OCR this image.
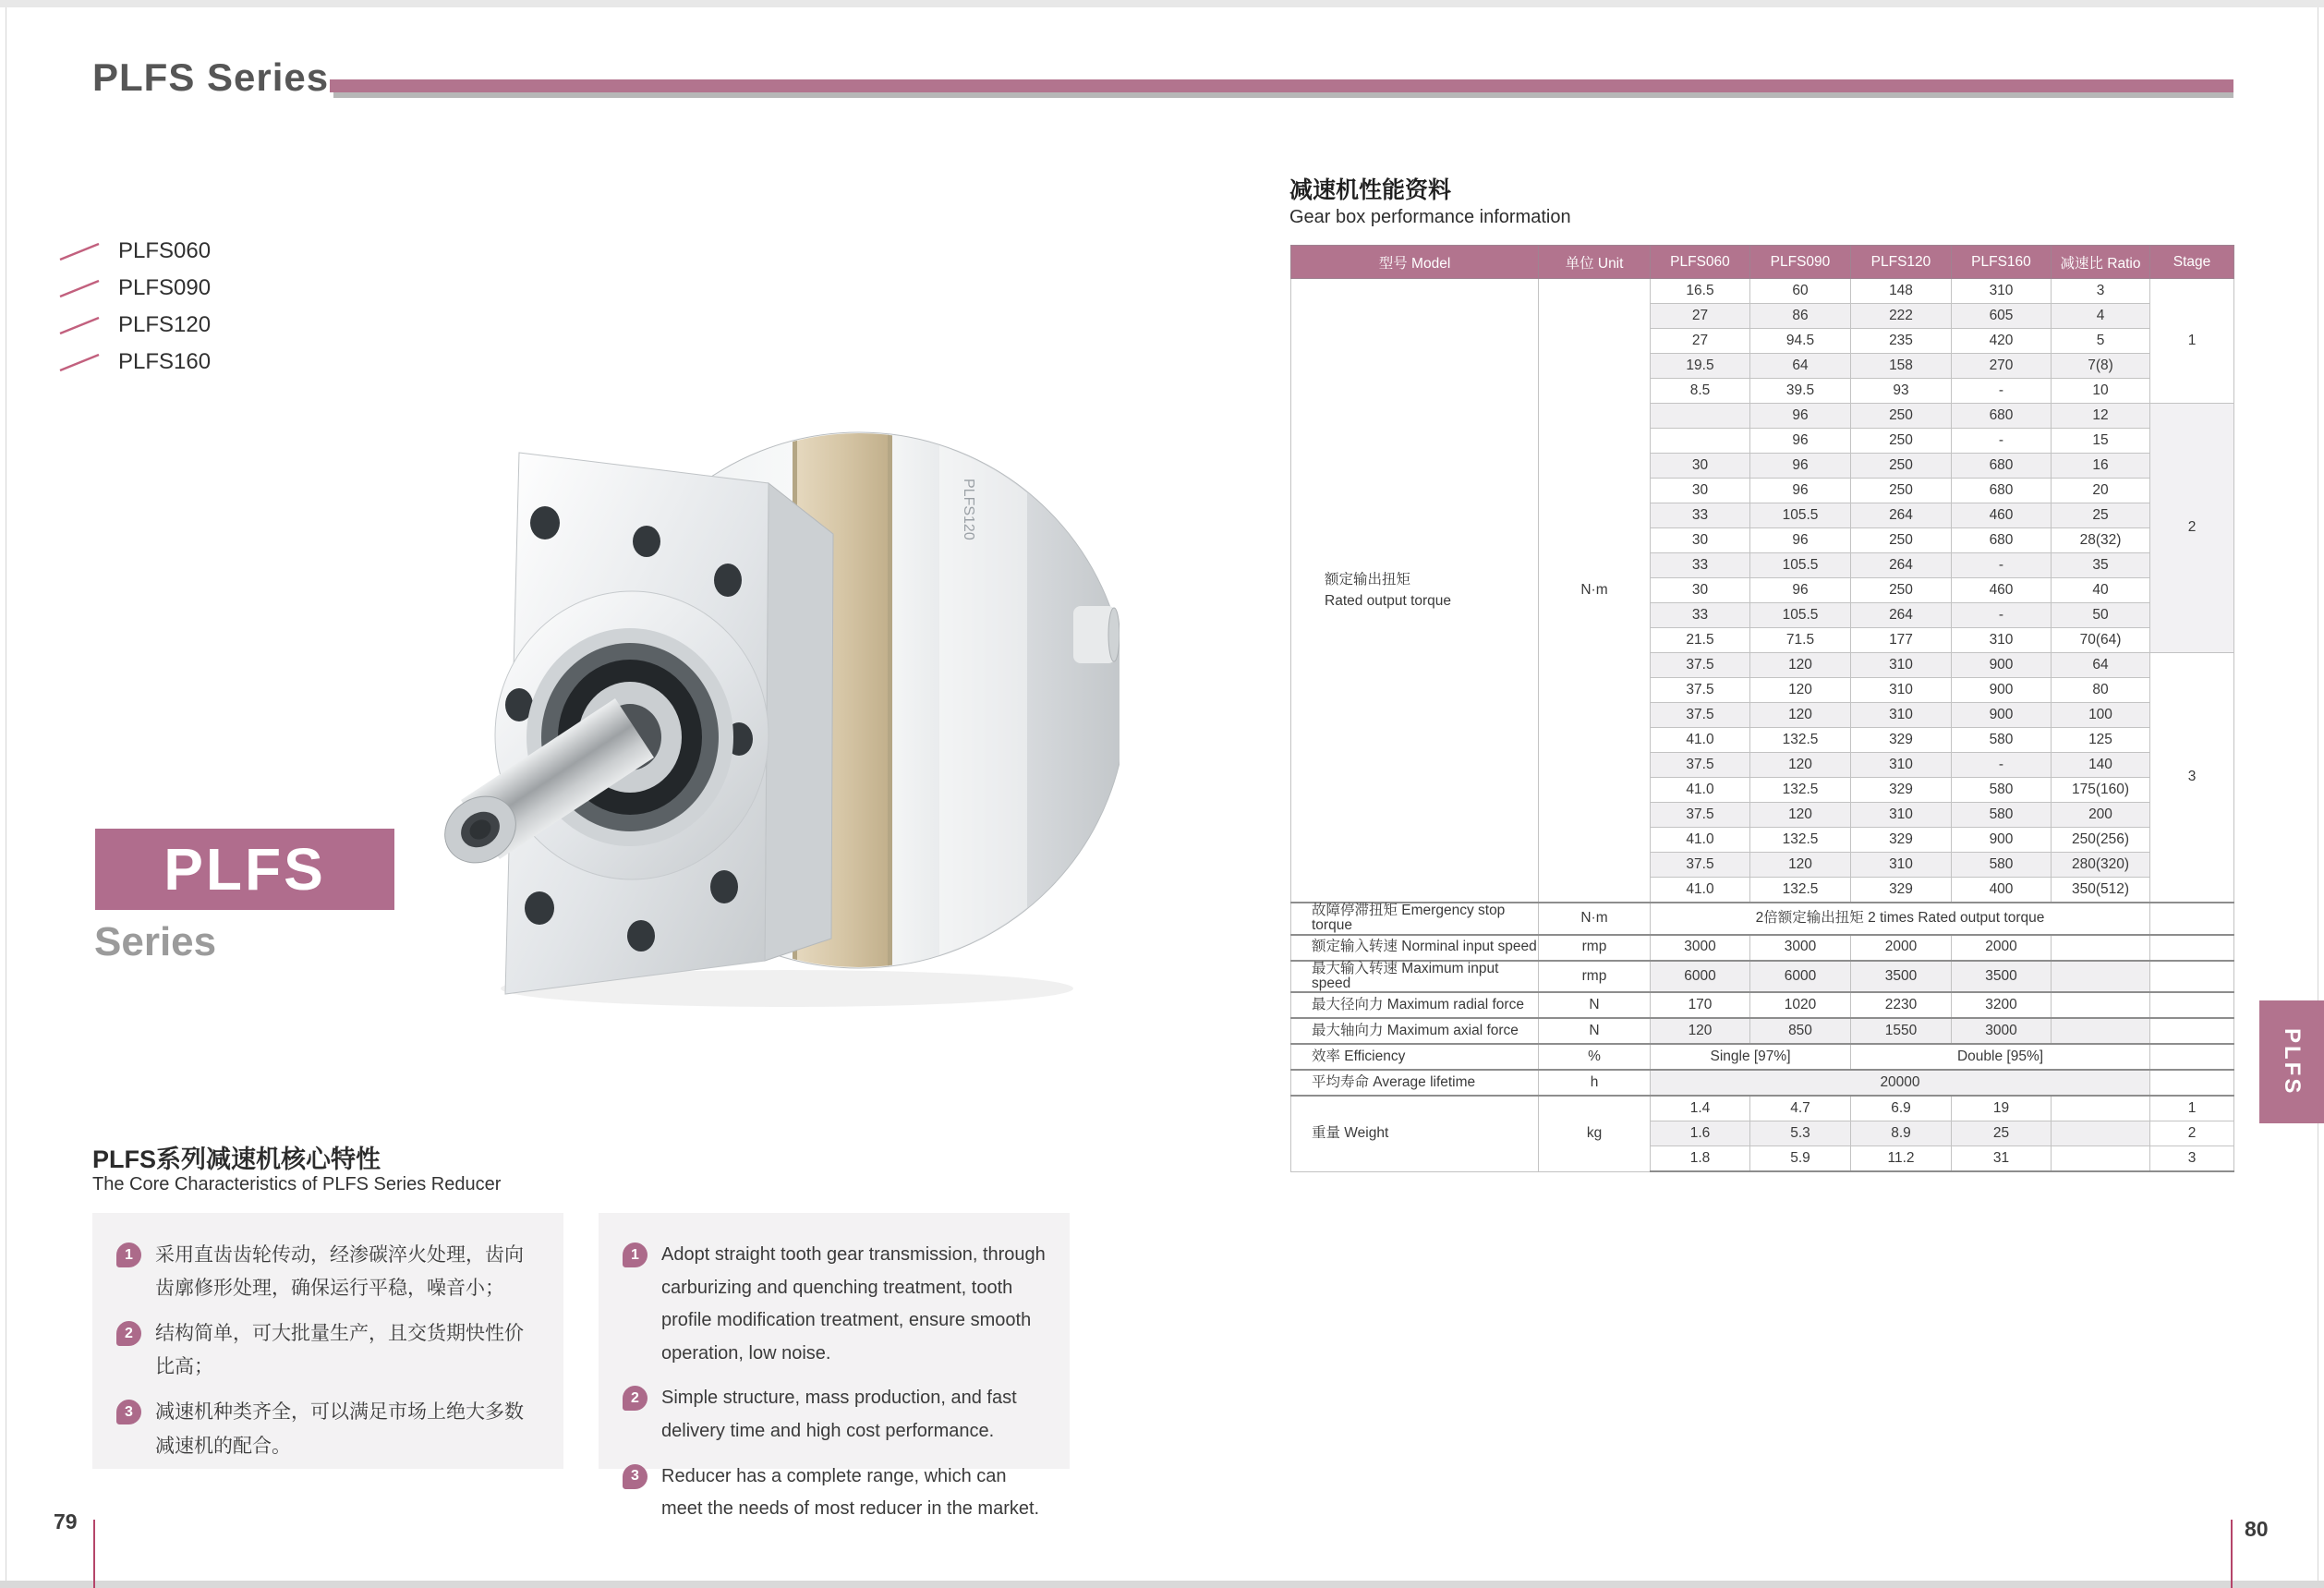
PLFS Series
PLFS060
PLFS090
PLFS120
PLFS160
PLFS120
PLFS
Series
PLFS系列减速机核心特性
The Core Characteristics of PLFS Series Reducer
1	采用直齿齿轮传动，经渗碳淬火处理，齿向齿廓修形处理，确保运行平稳，噪音小；
2	结构简单，可大批量生产，且交货期快性价比高；
3	减速机种类齐全，可以满足市场上绝大多数减速机的配合。
1	Adopt straight tooth gear transmission, through carburizing and quenching treatment, tooth profile modification treatment, ensure smooth operation, low noise.
2	Simple structure, mass production, and fast delivery time and high cost performance.
3	Reducer has a complete range, which can meet the needs of most reducer in the market.
减速机性能资料
Gear box performance information
型号 Model	单位 Unit	PLFS060	PLFS090	PLFS120	PLFS160	减速比 Ratio	Stage
额定输出扭矩
Rated output torque	N·m	16.5	60	148	310	3	1
		27	86	222	605	4	
		27	94.5	235	420	5	
		19.5	64	158	270	7(8)	
		8.5	39.5	93	-	10	
			96	250	680	12	2
			96	250	-	15	
		30	96	250	680	16	
		30	96	250	680	20	
		33	105.5	264	460	25	
		30	96	250	680	28(32)	
		33	105.5	264	-	35	
		30	96	250	460	40	
		33	105.5	264	-	50	
		21.5	71.5	177	310	70(64)	
		37.5	120	310	900	64	3
		37.5	120	310	900	80	
		37.5	120	310	900	100	
		41.0	132.5	329	580	125	
		37.5	120	310	-	140	
		41.0	132.5	329	580	175(160)	
		37.5	120	310	580	200	
		41.0	132.5	329	900	250(256)	
		37.5	120	310	580	280(320)	
		41.0	132.5	329	400	350(512)	
故障停滞扭矩 Emergency stop torque	N·m	2倍额定输出扭矩 2 times Rated output torque					
额定输入转速 Norminal input speed	rmp	3000	3000	2000	2000		
最大输入转速 Maximum input speed	rmp	6000	6000	3500	3500		
最大径向力 Maximum radial force	N	170	1020	2230	3200		
最大轴向力 Maximum axial force	N	120	850	1550	3000		
效率 Efficiency	%	Single [97%]		Double [95%]			
平均寿命 Average lifetime	h	20000					
重量 Weight	kg	1.4	4.7	6.9	19		1
		1.6	5.3	8.9	25		2
		1.8	5.9	11.2	31		3
PLFS
79	80
